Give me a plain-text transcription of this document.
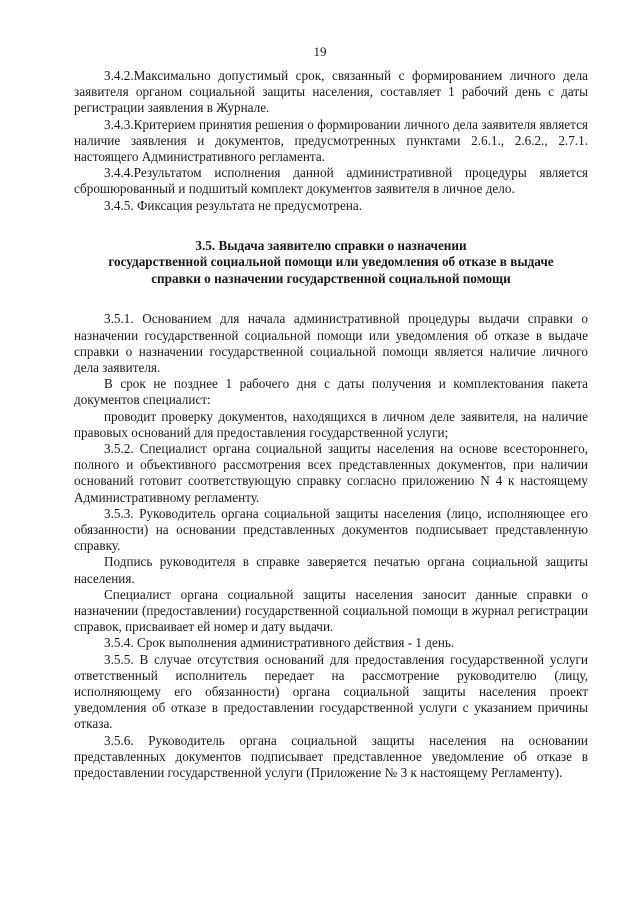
19

3.4.2.Максимально допустимый срок, связанный с формированием личного дела заявителя органом социальной защиты населения, составляет 1 рабочий день с даты регистрации заявления в Журнале.

3.4.3.Критерием принятия решения о формировании личного дела заявителя является наличие заявления и документов, предусмотренных пунктами 2.6.1., 2.6.2., 2.7.1. настоящего Административного регламента.

3.4.4.Результатом исполнения данной административной процедуры является сброшюрованный и подшитый комплект документов заявителя в личное дело.

3.4.5. Фиксация результата не предусмотрена.

3.5. Выдача заявителю справки о назначении
государственной социальной помощи или уведомления об отказе в выдаче
справки о назначении государственной социальной помощи

3.5.1. Основанием для начала административной процедуры выдачи справки о назначении государственной социальной помощи или уведомления об отказе в выдаче справки о назначении государственной социальной помощи является наличие личного дела заявителя.

В срок не позднее 1 рабочего дня с даты получения и комплектования пакета документов специалист:

проводит проверку документов, находящихся в личном деле заявителя, на наличие правовых оснований для предоставления государственной услуги;

3.5.2. Специалист органа социальной защиты населения на основе всестороннего, полного и объективного рассмотрения всех представленных документов, при наличии оснований готовит соответствующую справку согласно приложению N 4 к настоящему Административному регламенту.

3.5.3. Руководитель органа социальной защиты населения (лицо, исполняющее его обязанности) на основании представленных документов подписывает представленную справку.

Подпись руководителя в справке заверяется печатью органа социальной защиты населения.

Специалист органа социальной защиты населения заносит данные справки о назначении (предоставлении) государственной социальной помощи в журнал регистрации справок, присваивает ей номер и дату выдачи.

3.5.4. Срок выполнения административного действия - 1 день.

3.5.5. В случае отсутствия оснований для предоставления государственной услуги ответственный исполнитель передает на рассмотрение руководителю (лицу, исполняющему его обязанности) органа социальной защиты населения проект уведомления об отказе в предоставлении государственной услуги с указанием причины отказа.

3.5.6. Руководитель органа социальной защиты населения на основании представленных документов подписывает представленное уведомление об отказе в предоставлении государственной услуги (Приложение № 3 к настоящему Регламенту).
